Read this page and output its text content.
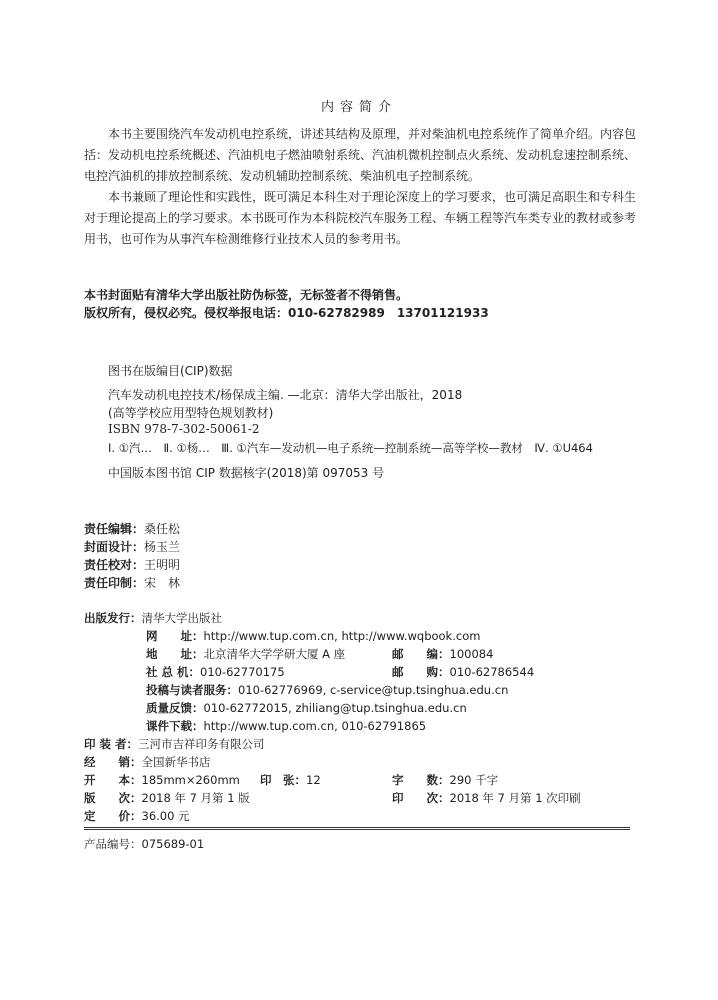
内容简介

本书主要围绕汽车发动机电控系统，讲述其结构及原理，并对柴油机电控系统作了简单介绍。内容包括：发动机电控系统概述、汽油机电子燃油喷射系统、汽油机微机控制点火系统、发动机怠速控制系统、电控汽油机的排放控制系统、发动机辅助控制系统、柴油机电子控制系统。

本书兼顾了理论性和实践性，既可满足本科生对于理论深度上的学习要求，也可满足高职生和专科生对于理论提高上的学习要求。本书既可作为本科院校汽车服务工程、车辆工程等汽车类专业的教材或参考用书，也可作为从事汽车检测维修行业技术人员的参考用书。

本书封面贴有清华大学出版社防伪标签，无标签者不得销售。
版权所有，侵权必究。侵权举报电话：010-62782989　13701121933
图书在版编目(CIP)数据
汽车发动机电控技术/杨保成主编. —北京：清华大学出版社，2018
(高等学校应用型特色规划教材)
ISBN 978-7-302-50061-2
Ⅰ. ①汽…　Ⅱ. ①杨…　Ⅲ. ①汽车—发动机—电子系统—控制系统—高等学校—教材　Ⅳ. ①U464
中国版本图书馆 CIP 数据核字(2018)第 097053 号
责任编辑：桑任松
封面设计：杨玉兰
责任校对：王明明
责任印制：宋　林
出版发行：清华大学出版社
网　　址：http://www.tup.com.cn, http://www.wqbook.com
地　　址：北京清华大学学研大厦 A 座	邮　　编：100084
社 总 机：010-62770175	邮　　购：010-62786544
投稿与读者服务：010-62776969, c-service@tup.tsinghua.edu.cn
质量反馈：010-62772015, zhiliang@tup.tsinghua.edu.cn
课件下载：http://www.tup.com.cn, 010-62791865
印 装 者：三河市吉祥印务有限公司
经　　销：全国新华书店
开　　本：185mm×260mm 印　张：12	字　　数：290 千字
版　　次：2018 年 7 月第 1 版	印　　次：2018 年 7 月第 1 次印刷
定　　价：36.00 元
产品编号：075689-01
